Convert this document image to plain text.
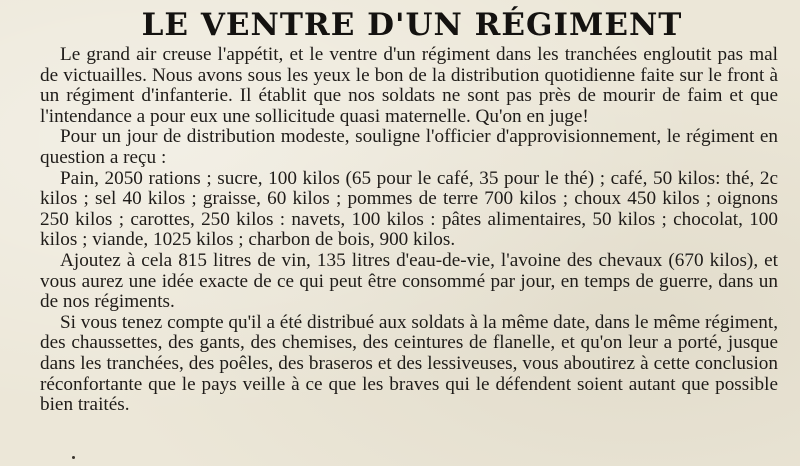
LE VENTRE D'UN RÉGIMENT

Le grand air creuse l'appétit, et le ventre d'un régiment dans les tranchées engloutit pas mal de victuailles. Nous avons sous les yeux le bon de la distribution quotidienne faite sur le front à un régiment d'infanterie. Il établit que nos soldats ne sont pas près de mourir de faim et que l'intendance a pour eux une sollicitude quasi maternelle. Qu'on en juge!

Pour un jour de distribution modeste, souligne l'officier d'approvisionnement, le régiment en question a reçu :

Pain, 2050 rations ; sucre, 100 kilos (65 pour le café, 35 pour le thé) ; café, 50 kilos: thé, 2c kilos ; sel 40 kilos ; graisse, 60 kilos ; pommes de terre 700 kilos ; choux 450 kilos ; oignons 250 kilos ; carottes, 250 kilos : navets, 100 kilos : pâtes alimentaires, 50 kilos ; chocolat, 100 kilos ; viande, 1025 kilos ; charbon de bois, 900 kilos.

Ajoutez à cela 815 litres de vin, 135 litres d'eau-de-vie, l'avoine des chevaux (670 kilos), et vous aurez une idée exacte de ce qui peut être consommé par jour, en temps de guerre, dans un de nos régiments.

Si vous tenez compte qu'il a été distribué aux soldats à la même date, dans le même régiment, des chaussettes, des gants, des chemises, des ceintures de flanelle, et qu'on leur a porté, jusque dans les tranchées, des poêles, des braseros et des lessiveuses, vous aboutirez à cette conclusion réconfortante que le pays veille à ce que les braves qui le défendent soient autant que possible bien traités.
